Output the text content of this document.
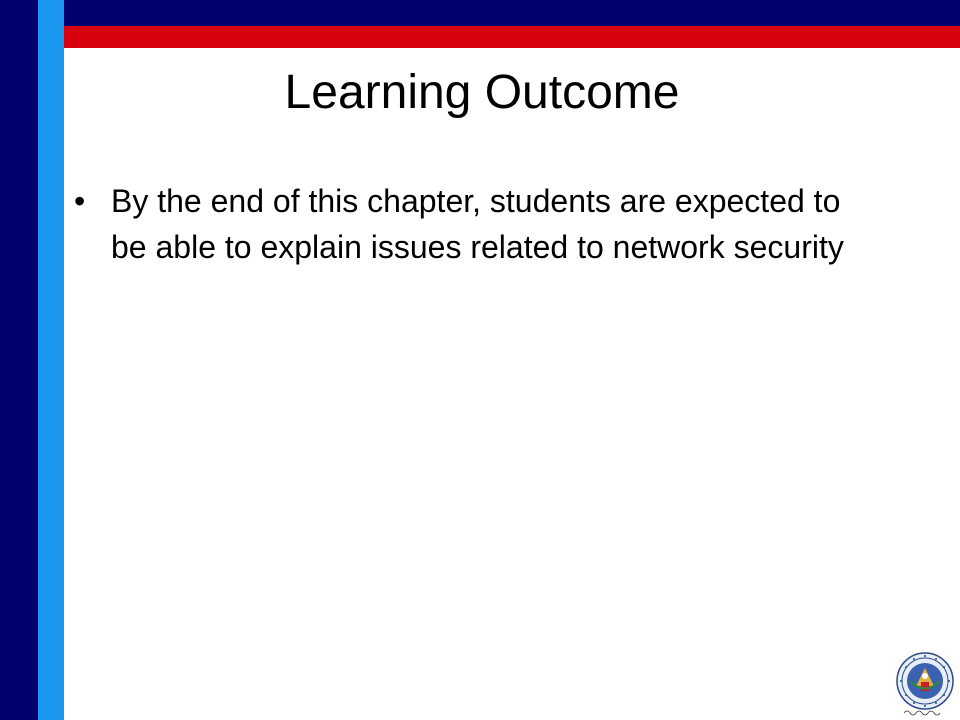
Learning Outcome
• By the end of this chapter, students are expected to be able to explain issues related to network security
